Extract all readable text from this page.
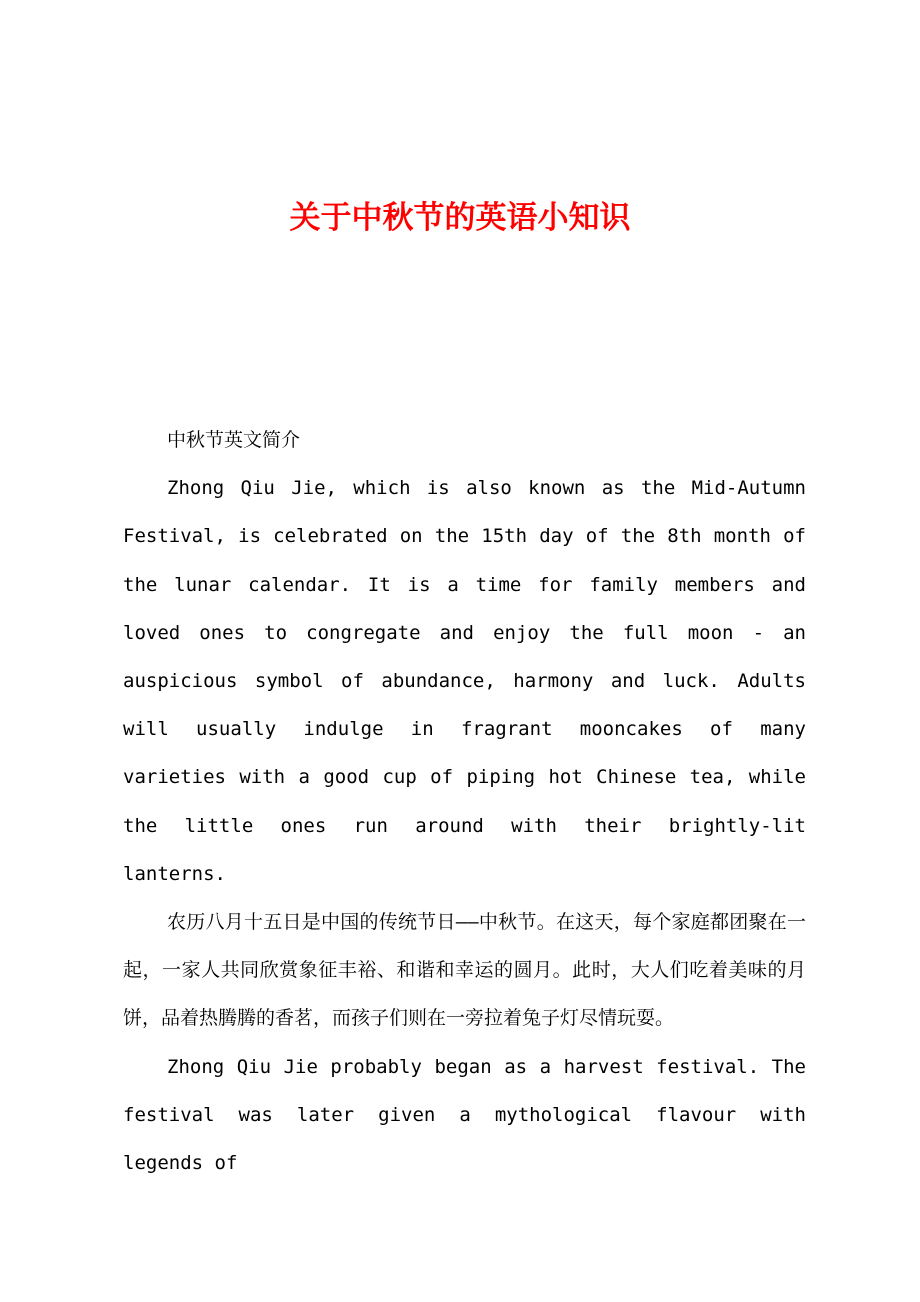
关于中秋节的英语小知识

中秋节英文简介

Zhong Qiu Jie, which is also known as the Mid-Autumn Festival, is celebrated on the 15th day of the 8th month of the lunar calendar. It is a time for family members and loved ones to congregate and enjoy the full moon - an auspicious symbol of abundance, harmony and luck. Adults will usually indulge in fragrant mooncakes of many varieties with a good cup of piping hot Chinese tea, while the little ones run around with their brightly-lit lanterns.

农历八月十五日是中国的传统节日——中秋节。在这天，每个家庭都团聚在一起，一家人共同欣赏象征丰裕、和谐和幸运的圆月。此时，大人们吃着美味的月饼，品着热腾腾的香茗，而孩子们则在一旁拉着兔子灯尽情玩耍。

Zhong Qiu Jie probably began as a harvest festival. The festival was later given a mythological flavour with legends of
